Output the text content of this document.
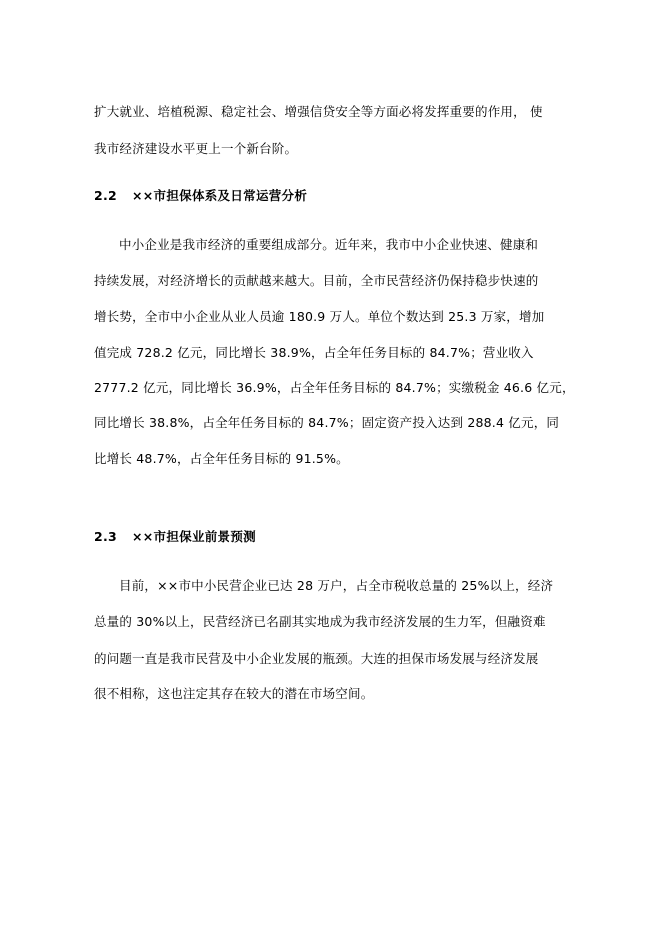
扩大就业、培植税源、稳定社会、增强信贷安全等方面必将发挥重要的作用， 使
我市经济建设水平更上一个新台阶。
2.2 ××市担保体系及日常运营分析
中小企业是我市经济的重要组成部分。近年来，我市中小企业快速、健康和
持续发展，对经济增长的贡献越来越大。目前，全市民营经济仍保持稳步快速的
增长势，全市中小企业从业人员逾 180.9 万人。单位个数达到 25.3 万家，增加
值完成 728.2 亿元，同比增长 38.9%，占全年任务目标的 84.7%；营业收入
2777.2 亿元，同比增长 36.9%，占全年任务目标的 84.7%；实缴税金 46.6 亿元，
同比增长 38.8%，占全年任务目标的 84.7%；固定资产投入达到 288.4 亿元，同
比增长 48.7%，占全年任务目标的 91.5%。
2.3 ××市担保业前景预测
目前，××市中小民营企业已达 28 万户，占全市税收总量的 25%以上，经济
总量的 30%以上，民营经济已名副其实地成为我市经济发展的生力军，但融资难
的问题一直是我市民营及中小企业发展的瓶颈。大连的担保市场发展与经济发展
很不相称，这也注定其存在较大的潜在市场空间。
